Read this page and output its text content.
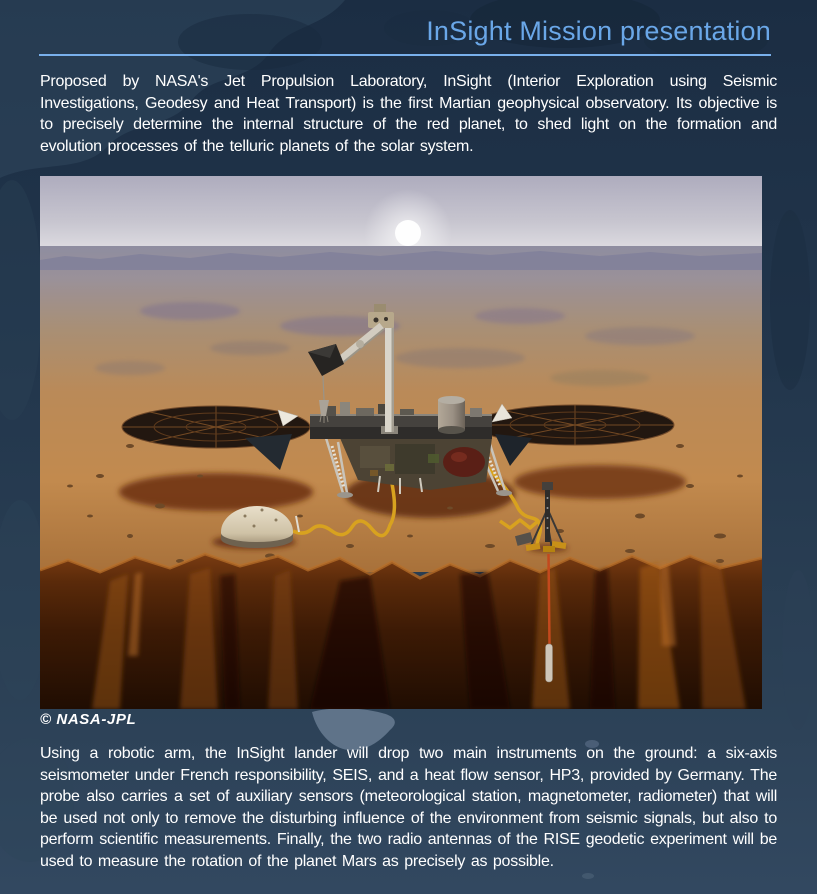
InSight Mission presentation

Proposed by NASA's Jet Propulsion Laboratory, InSight (Interior Exploration using Seismic Investigations, Geodesy and Heat Transport) is the first Martian geophysical observatory. Its objective is to precisely determine the internal structure of the red planet, to shed light on the formation and evolution processes of the telluric planets of the solar system.

© NASA-JPL

Using a robotic arm, the InSight lander will drop two main instruments on the ground: a six-axis seismometer under French responsibility, SEIS, and a heat flow sensor, HP3, provided by Germany. The probe also carries a set of auxiliary sensors (meteorological station, magnetometer, radiometer) that will be used not only to remove the disturbing influence of the environment from seismic signals, but also to perform scientific measurements. Finally, the two radio antennas of the RISE geodetic experiment will be used to measure the rotation of the planet Mars as precisely as possible.
